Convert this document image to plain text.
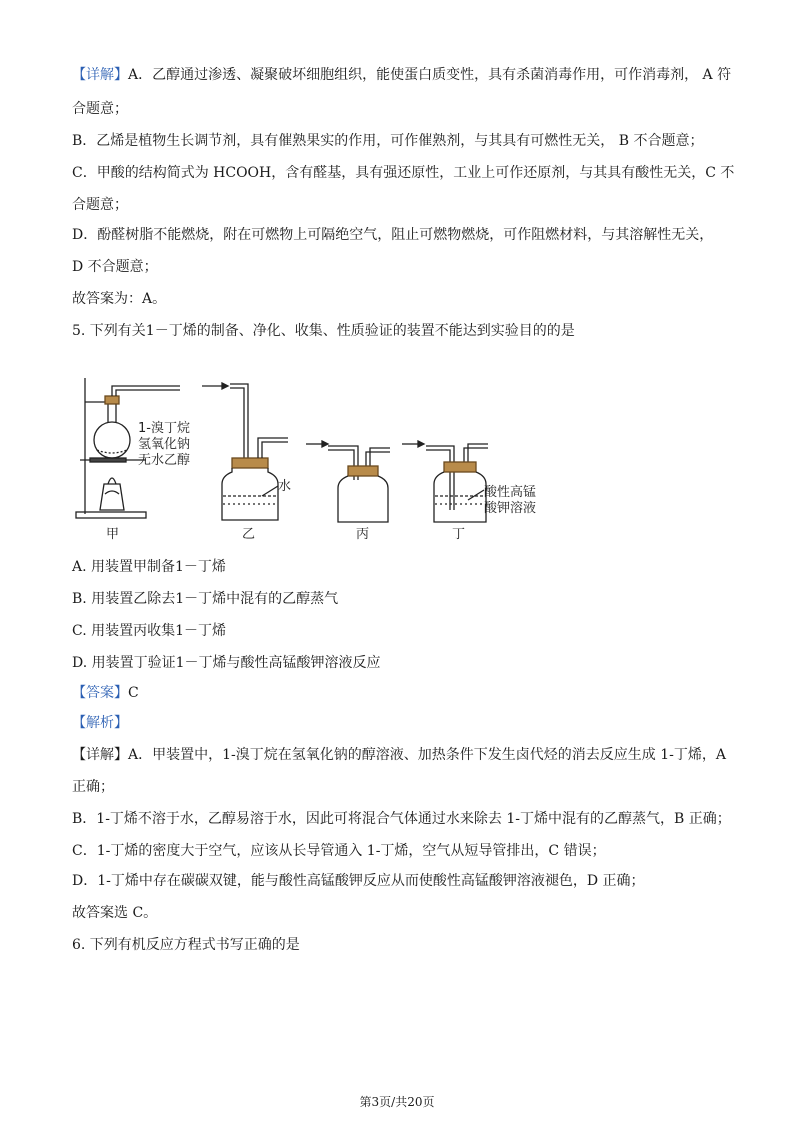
【详解】A．乙醇通过渗透、凝聚破坏细胞组织，能使蛋白质变性，具有杀菌消毒作用，可作消毒剂， A 符
合题意；
B．乙烯是植物生长调节剂，具有催熟果实的作用，可作催熟剂，与其具有可燃性无关， B 不合题意；
C．甲酸的结构简式为 HCOOH，含有醛基，具有强还原性，工业上可作还原剂，与其具有酸性无关，C 不
合题意；
D．酚醛树脂不能燃烧，附在可燃物上可隔绝空气，阻止可燃物燃烧，可作阻燃材料，与其溶解性无关，
D 不合题意；
故答案为：A。
5. 下列有关1－丁烯的制备、净化、收集、性质验证的装置不能达到实验目的的是
1-溴丁烷
氢氧化钠
无水乙醇
水	酸性高锰
酸钾溶液
甲	乙	丙	丁
A. 用装置甲制备1－丁烯
B. 用装置乙除去1－丁烯中混有的乙醇蒸气
C. 用装置丙收集1－丁烯
D. 用装置丁验证1－丁烯与酸性高锰酸钾溶液反应
【答案】C
【解析】
【详解】A．甲装置中，1-溴丁烷在氢氧化钠的醇溶液、加热条件下发生卤代烃的消去反应生成 1-丁烯，A
正确；
B．1-丁烯不溶于水，乙醇易溶于水，因此可将混合气体通过水来除去 1-丁烯中混有的乙醇蒸气，B 正确；
C．1-丁烯的密度大于空气，应该从长导管通入 1-丁烯，空气从短导管排出，C 错误；
D．1-丁烯中存在碳碳双键，能与酸性高锰酸钾反应从而使酸性高锰酸钾溶液褪色，D 正确；
故答案选 C。
6. 下列有机反应方程式书写正确的是
第3页/共20页
